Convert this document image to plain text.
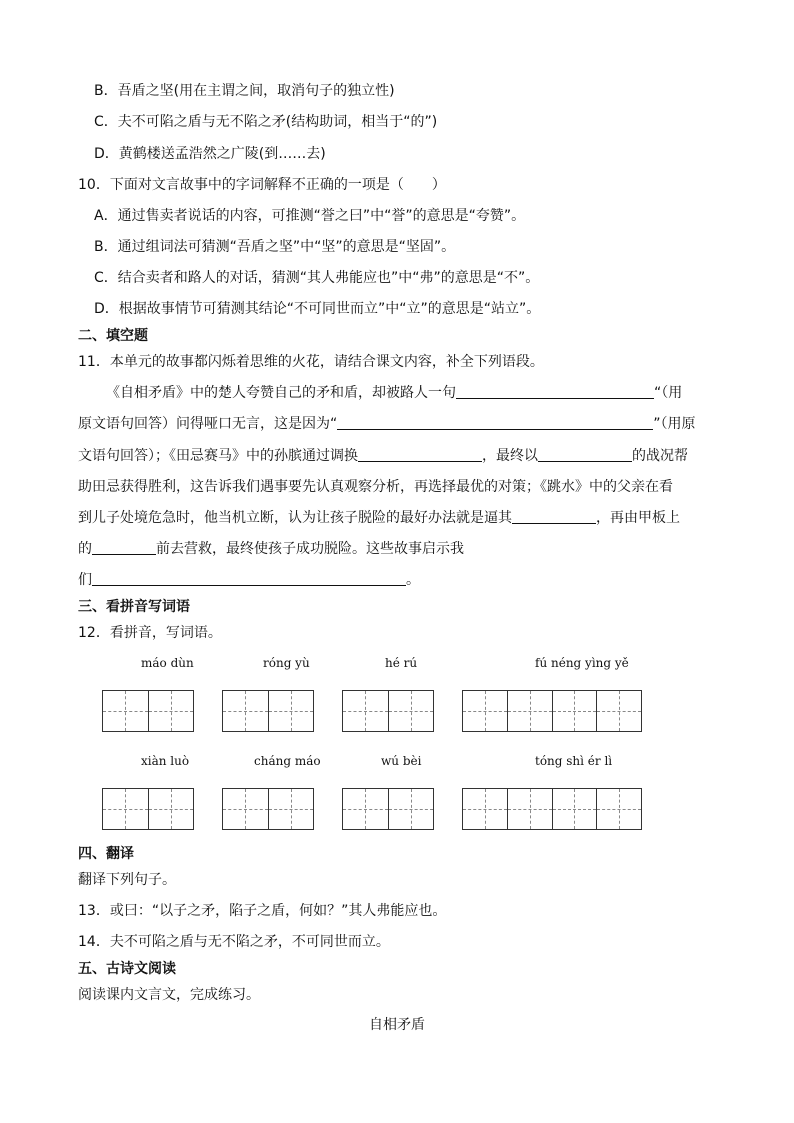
B．吾盾之坚(用在主谓之间，取消句子的独立性)
C．夫不可陷之盾与无不陷之矛(结构助词，相当于“的”)
D．黄鹤楼送孟浩然之广陵(到……去)
10．下面对文言故事中的字词解释不正确的一项是（　　）
A．通过售卖者说话的内容，可推测“誉之曰”中“誉”的意思是“夸赞”。
B．通过组词法可猜测“吾盾之坚”中“坚”的意思是“坚固”。
C．结合卖者和路人的对话，猜测“其人弗能应也”中“弗”的意思是“不”。
D．根据故事情节可猜测其结论“不可同世而立”中“立”的意思是“站立”。
二、填空题
11．本单元的故事都闪烁着思维的火花，请结合课文内容，补全下列语段。
《自相矛盾》中的楚人夸赞自己的矛和盾，却被路人一句	“（用
原文语句回答）问得哑口无言，这是因为“	”（用原
文语句回答）；《田忌赛马》中的孙膑通过调换	，最终以	的战况帮
助田忌获得胜利，这告诉我们遇事要先认真观察分析，再选择最优的对策；《跳水》中的父亲在看
到儿子处境危急时，他当机立断，认为让孩子脱险的最好办法就是逼其	，再由甲板上
的	前去营救，最终使孩子成功脱险。这些故事启示我
们	。
三、看拼音写词语
12．看拼音，写词语。
máo dùn	róng yù	hé rú	fú néng yìng yě
xiàn luò	cháng máo	wú bèi	tóng shì ér lì
四、翻译
翻译下列句子。
13．或曰：“以子之矛，陷子之盾，何如？”其人弗能应也。
14．夫不可陷之盾与无不陷之矛，不可同世而立。
五、古诗文阅读
阅读课内文言文，完成练习。
自相矛盾
